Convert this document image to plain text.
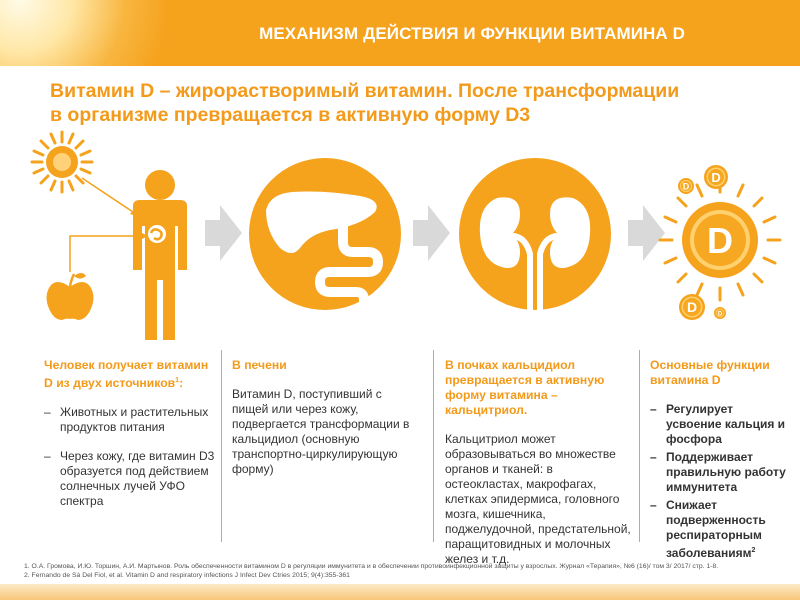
МЕХАНИЗМ ДЕЙСТВИЯ И ФУНКЦИИ ВИТАМИНА D
Витамин D – жирорастворимый витамин. После трансформации
в организме превращается в активную форму D3
D
D
D
D	D
Человек получает витамин D из двух источников$^1$:
– Животных и растительных продуктов питания
– Через кожу, где витамин D3 образуется под действием солнечных лучей УФО спектра
В печени
Витамин D, поступивший с пищей или через кожу, подвергается трансформации в кальцидиол (основную транспортно-циркулирующую форму)
В почках кальцидиол превращается в активную форму витамина – кальцитриол.
Кальцитриол может образовываться во множестве органов и тканей: в остеокластах, макрофагах, клетках эпидермиса, головного мозга, кишечника, поджелудочной, предстательной, паращитовидных и молочных желез и т.д.
Основные функции витамина D
– Регулирует усвоение кальция и фосфора
– Поддерживает правильную работу иммунитета
– Снижает подверженность респираторным заболеваниям$^2$
1. О.А. Громова, И.Ю. Торшин, А.И. Мартынов. Роль обеспеченности витамином D в регуляции иммунитета и в обеспечении противоинфекционной защиты у взрослых. Журнал «Терапия», №6 (16)/ том 3/ 2017/ стр. 1-8.
2. Fernando de Sá Del Fiol, et al. Vitamin D and respiratory infections J Infect Dev Ctries 2015; 9(4):355-361
